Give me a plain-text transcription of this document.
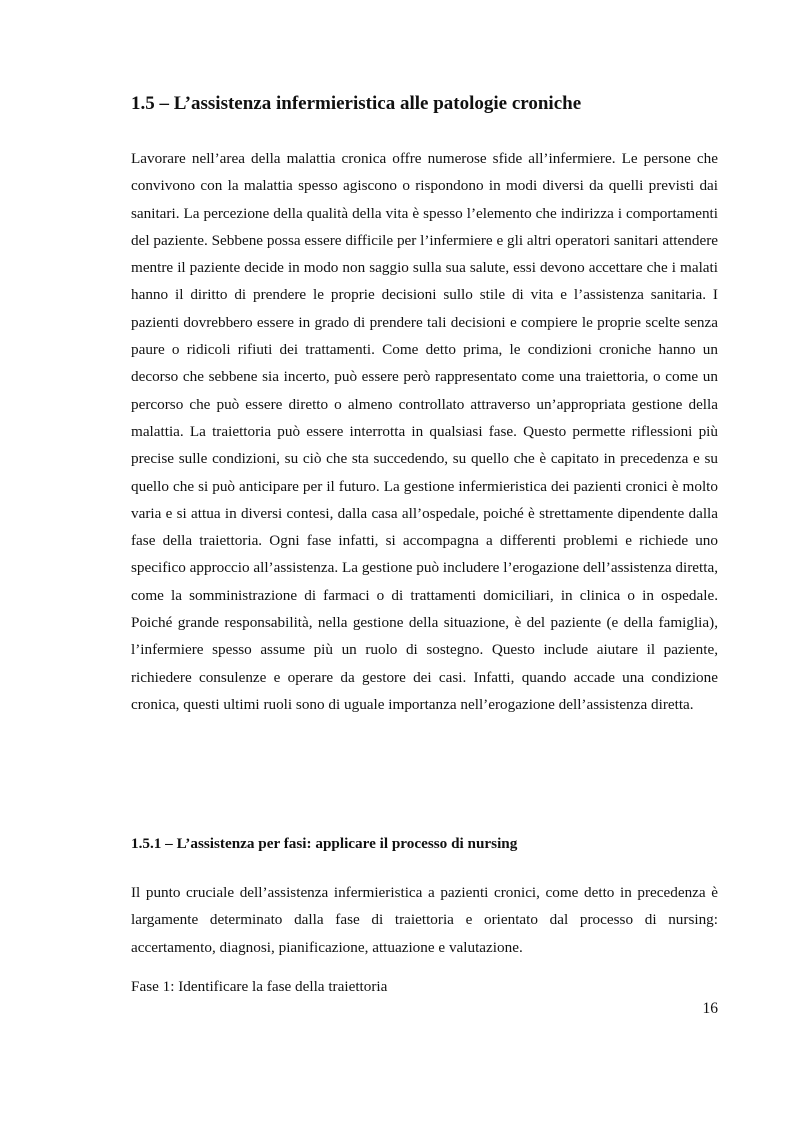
1.5 – L’assistenza infermieristica alle patologie croniche

Lavorare nell’area della malattia cronica offre numerose sfide all’infermiere. Le persone che convivono con la malattia spesso agiscono o rispondono in modi diversi da quelli previsti dai sanitari. La percezione della qualità della vita è spesso l’elemento che indirizza i comportamenti del paziente. Sebbene possa essere difficile per l’infermiere e gli altri operatori sanitari attendere mentre il paziente decide in modo non saggio sulla sua salute, essi devono accettare che i malati hanno il diritto di prendere le proprie decisioni sullo stile di vita e l’assistenza sanitaria. I pazienti dovrebbero essere in grado di prendere tali decisioni e compiere le proprie scelte senza paure o ridicoli rifiuti dei trattamenti. Come detto prima, le condizioni croniche hanno un decorso che sebbene sia incerto, può essere però rappresentato come una traiettoria, o come un percorso che può essere diretto o almeno controllato attraverso un’appropriata gestione della malattia. La traiettoria può essere interrotta in qualsiasi fase. Questo permette riflessioni più precise sulle condizioni, su ciò che sta succedendo, su quello che è capitato in precedenza e su quello che si può anticipare per il futuro. La gestione infermieristica dei pazienti cronici è molto varia e si attua in diversi contesi, dalla casa all’ospedale, poiché è strettamente dipendente dalla fase della traiettoria. Ogni fase infatti, si accompagna a differenti problemi e richiede uno specifico approccio all’assistenza. La gestione può includere l’erogazione dell’assistenza diretta, come la somministrazione di farmaci o di trattamenti domiciliari, in clinica o in ospedale. Poiché grande responsabilità, nella gestione della situazione, è del paziente (e della famiglia), l’infermiere spesso assume più un ruolo di sostegno. Questo include aiutare il paziente, richiedere consulenze e operare da gestore dei casi. Infatti, quando accade una condizione cronica, questi ultimi ruoli sono di uguale importanza nell’erogazione dell’assistenza diretta.

1.5.1 – L’assistenza per fasi: applicare il processo di nursing

Il punto cruciale dell’assistenza infermieristica a pazienti cronici, come detto in precedenza è largamente determinato dalla fase di traiettoria e orientato dal processo di nursing: accertamento, diagnosi, pianificazione, attuazione e valutazione.

Fase 1: Identificare la fase della traiettoria

16
